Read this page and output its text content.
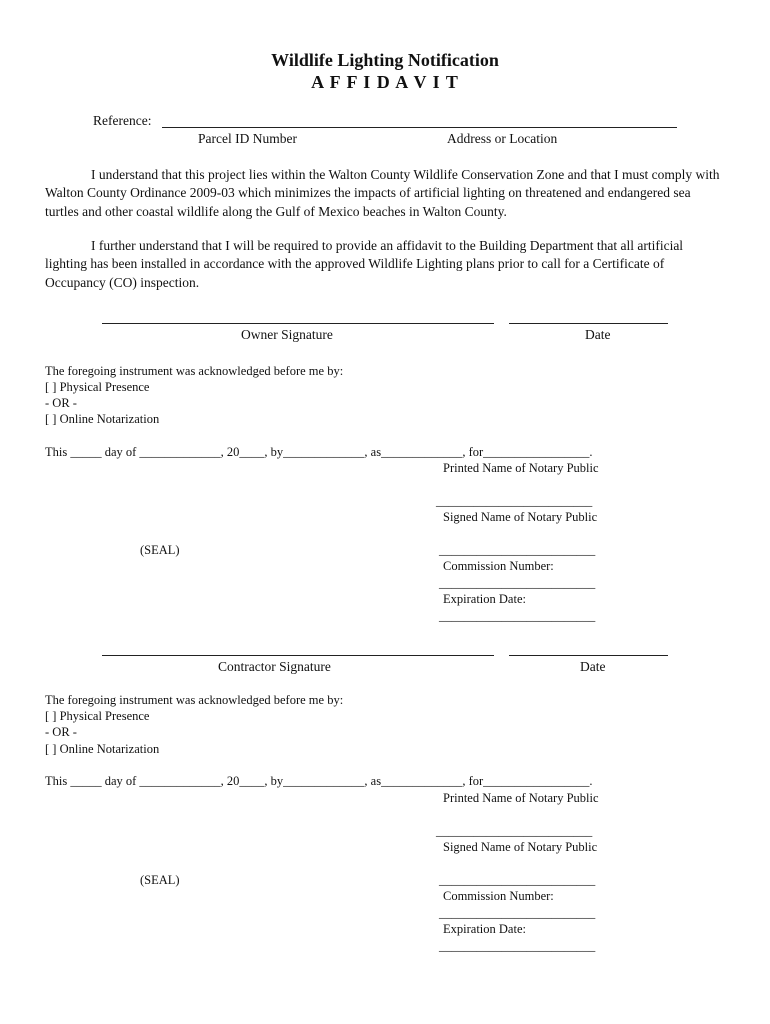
Wildlife Lighting Notification
A F F I D A V I T
Reference:
Parcel ID Number	Address or Location

I understand that this project lies within the Walton County Wildlife Conservation Zone and that I must comply with Walton County Ordinance 2009-03 which minimizes the impacts of artificial lighting on threatened and endangered sea turtles and other coastal wildlife along the Gulf of Mexico beaches in Walton County.

I further understand that I will be required to provide an affidavit to the Building Department that all artificial lighting has been installed in accordance with the approved Wildlife Lighting plans prior to call for a Certificate of Occupancy (CO) inspection.

Owner Signature	Date
The foregoing instrument was acknowledged before me by:
[ ] Physical Presence
- OR -
[ ] Online Notarization
This _____ day of _____________, 20____, by_____________, as_____________, for_________________.
Printed Name of Notary Public
_________________________
Signed Name of Notary Public
(SEAL)	_________________________
Commission Number:
_________________________
Expiration Date:
_________________________
Contractor Signature	Date
The foregoing instrument was acknowledged before me by:
[ ] Physical Presence
- OR -
[ ] Online Notarization
This _____ day of _____________, 20____, by_____________, as_____________, for_________________.
Printed Name of Notary Public
_________________________
Signed Name of Notary Public
(SEAL)	_________________________
Commission Number:
_________________________
Expiration Date:
_________________________
